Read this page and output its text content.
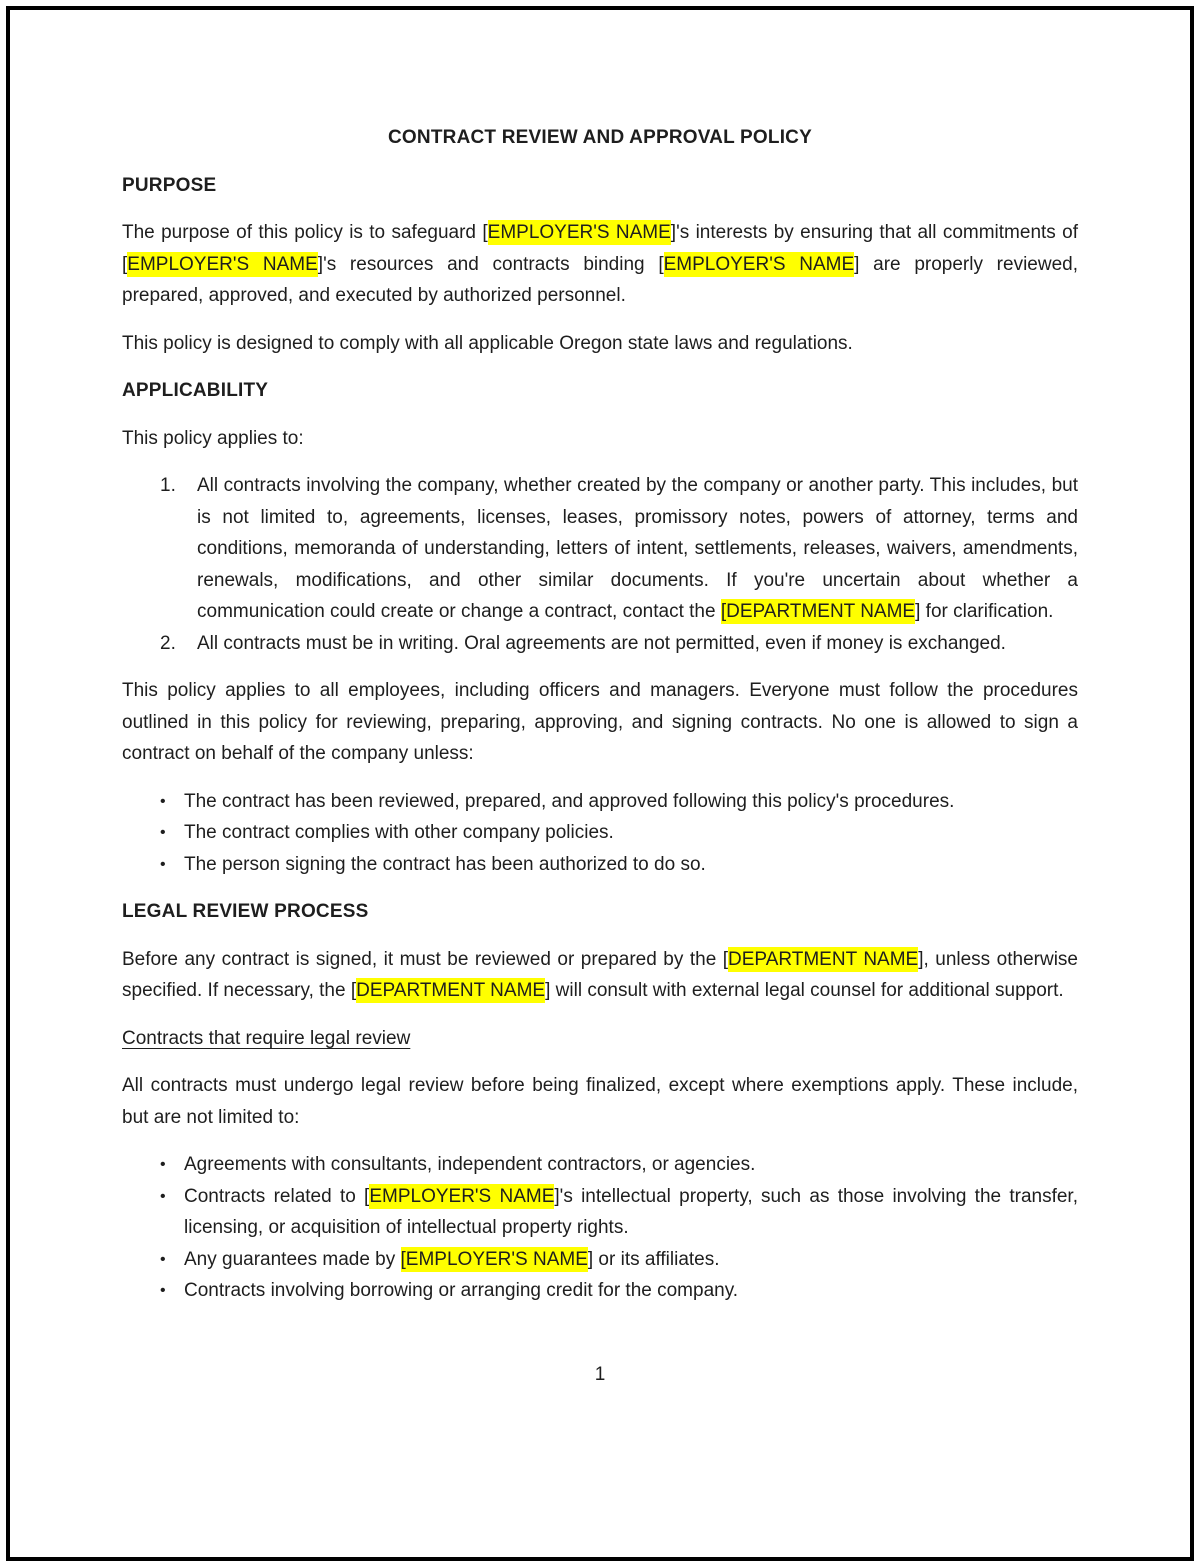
CONTRACT REVIEW AND APPROVAL POLICY
PURPOSE

The purpose of this policy is to safeguard [EMPLOYER'S NAME]'s interests by ensuring that all commitments of [EMPLOYER'S NAME]'s resources and contracts binding [EMPLOYER'S NAME] are properly reviewed, prepared, approved, and executed by authorized personnel.

This policy is designed to comply with all applicable Oregon state laws and regulations.

APPLICABILITY

This policy applies to:

1.	All contracts involving the company, whether created by the company or another party. This includes, but is not limited to, agreements, licenses, leases, promissory notes, powers of attorney, terms and conditions, memoranda of understanding, letters of intent, settlements, releases, waivers, amendments, renewals, modifications, and other similar documents. If you're uncertain about whether a communication could create or change a contract, contact the [DEPARTMENT NAME] for clarification.
2.	All contracts must be in writing. Oral agreements are not permitted, even if money is exchanged.

This policy applies to all employees, including officers and managers. Everyone must follow the procedures outlined in this policy for reviewing, preparing, approving, and signing contracts. No one is allowed to sign a contract on behalf of the company unless:

• The contract has been reviewed, prepared, and approved following this policy's procedures.
• The contract complies with other company policies.
• The person signing the contract has been authorized to do so.
LEGAL REVIEW PROCESS

Before any contract is signed, it must be reviewed or prepared by the [DEPARTMENT NAME], unless otherwise specified. If necessary, the [DEPARTMENT NAME] will consult with external legal counsel for additional support.

Contracts that require legal review

All contracts must undergo legal review before being finalized, except where exemptions apply. These include, but are not limited to:

• Agreements with consultants, independent contractors, or agencies.
• Contracts related to [EMPLOYER'S NAME]'s intellectual property, such as those involving the transfer, licensing, or acquisition of intellectual property rights.
• Any guarantees made by [EMPLOYER'S NAME] or its affiliates.
• Contracts involving borrowing or arranging credit for the company.
1
